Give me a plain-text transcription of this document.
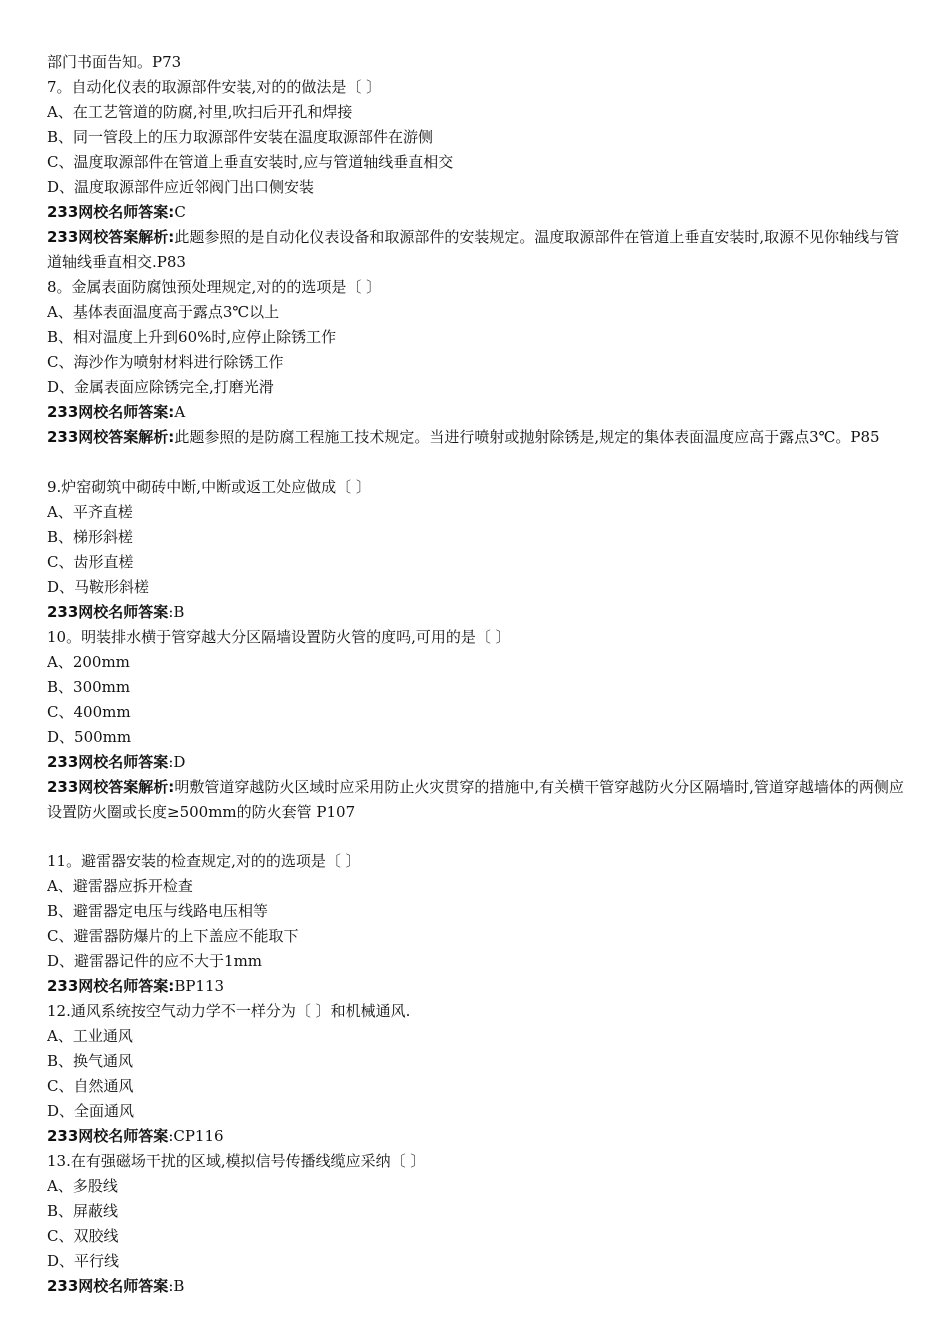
部门书面告知。P73
7。自动化仪表的取源部件安装,对的的做法是〔 〕
A、在工艺管道的防腐,衬里,吹扫后开孔和焊接
B、同一管段上的压力取源部件安装在温度取源部件在游侧
C、温度取源部件在管道上垂直安装时,应与管道轴线垂直相交
D、温度取源部件应近邻阀门出口侧安装
233网校名师答案:C
233网校答案解析:此题参照的是自动化仪表设备和取源部件的安装规定。温度取源部件在管道上垂直安装时,取源不见你轴线与管道轴线垂直相交.P83
8。金属表面防腐蚀预处理规定,对的的选项是〔 〕
A、基体表面温度高于露点3℃以上
B、相对温度上升到60%时,应停止除锈工作
C、海沙作为喷射材料进行除锈工作
D、金属表面应除锈完全,打磨光滑
233网校名师答案:A
233网校答案解析:此题参照的是防腐工程施工技术规定。当进行喷射或抛射除锈是,规定的集体表面温度应高于露点3℃。P85
9.炉窑砌筑中砌砖中断,中断或返工处应做成〔 〕
A、平齐直槎
B、梯形斜槎
C、齿形直槎
D、马鞍形斜槎
233网校名师答案:B
10。明装排水横于管穿越大分区隔墙设置防火管的度吗,可用的是〔 〕
A、200mm
B、300mm
C、400mm
D、500mm
233网校名师答案:D
233网校答案解析:明敷管道穿越防火区域时应采用防止火灾贯穿的措施中,有关横干管穿越防火分区隔墙时,管道穿越墙体的两侧应设置防火圈或长度≥500mm的防火套管 P107
11。避雷器安装的检查规定,对的的选项是〔 〕
A、避雷器应拆开检查
B、避雷器定电压与线路电压相等
C、避雷器防爆片的上下盖应不能取下
D、避雷器记件的应不大于1mm
233网校名师答案:BP113
12.通风系统按空气动力学不一样分为〔 〕和机械通风.
A、工业通风
B、换气通风
C、自然通风
D、全面通风
233网校名师答案:CP116
13.在有强磁场干扰的区域,模拟信号传播线缆应采纳〔 〕
A、多股线
B、屏蔽线
C、双胶线
D、平行线
233网校名师答案:B
